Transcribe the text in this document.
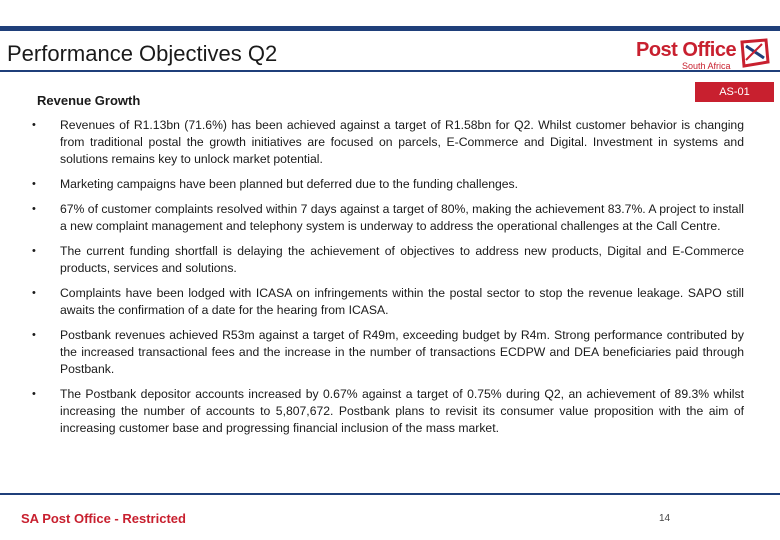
Performance Objectives Q2	Post Office
South Africa
AS-01
Revenue Growth
• Revenues of R1.13bn (71.6%) has been achieved against a target of R1.58bn for Q2. Whilst customer behavior is changing from traditional postal the growth initiatives are focused on parcels, E-Commerce and Digital. Investment in systems and solutions remains key to unlock market potential.
• Marketing campaigns have been planned but deferred due to the funding challenges.
• 67% of customer complaints resolved within 7 days against a target of 80%, making the achievement 83.7%. A project to install a new complaint management and telephony system is underway to address the operational challenges at the Call Centre.
• The current funding shortfall is delaying the achievement of objectives to address new products, Digital and E-Commerce products, services and solutions.
• Complaints have been lodged with ICASA on infringements within the postal sector to stop the revenue leakage. SAPO still awaits the confirmation of a date for the hearing from ICASA.
• Postbank revenues achieved R53m against a target of R49m, exceeding budget by R4m. Strong performance contributed by the increased transactional fees and the increase in the number of transactions ECDPW and DEA beneficiaries paid through Postbank.
• The Postbank depositor accounts increased by 0.67% against a target of 0.75% during Q2, an achievement of 89.3% whilst increasing the number of accounts to 5,807,672. Postbank plans to revisit its consumer value proposition with the aim of increasing customer base and progressing financial inclusion of the mass market.
SA Post Office - Restricted	14
